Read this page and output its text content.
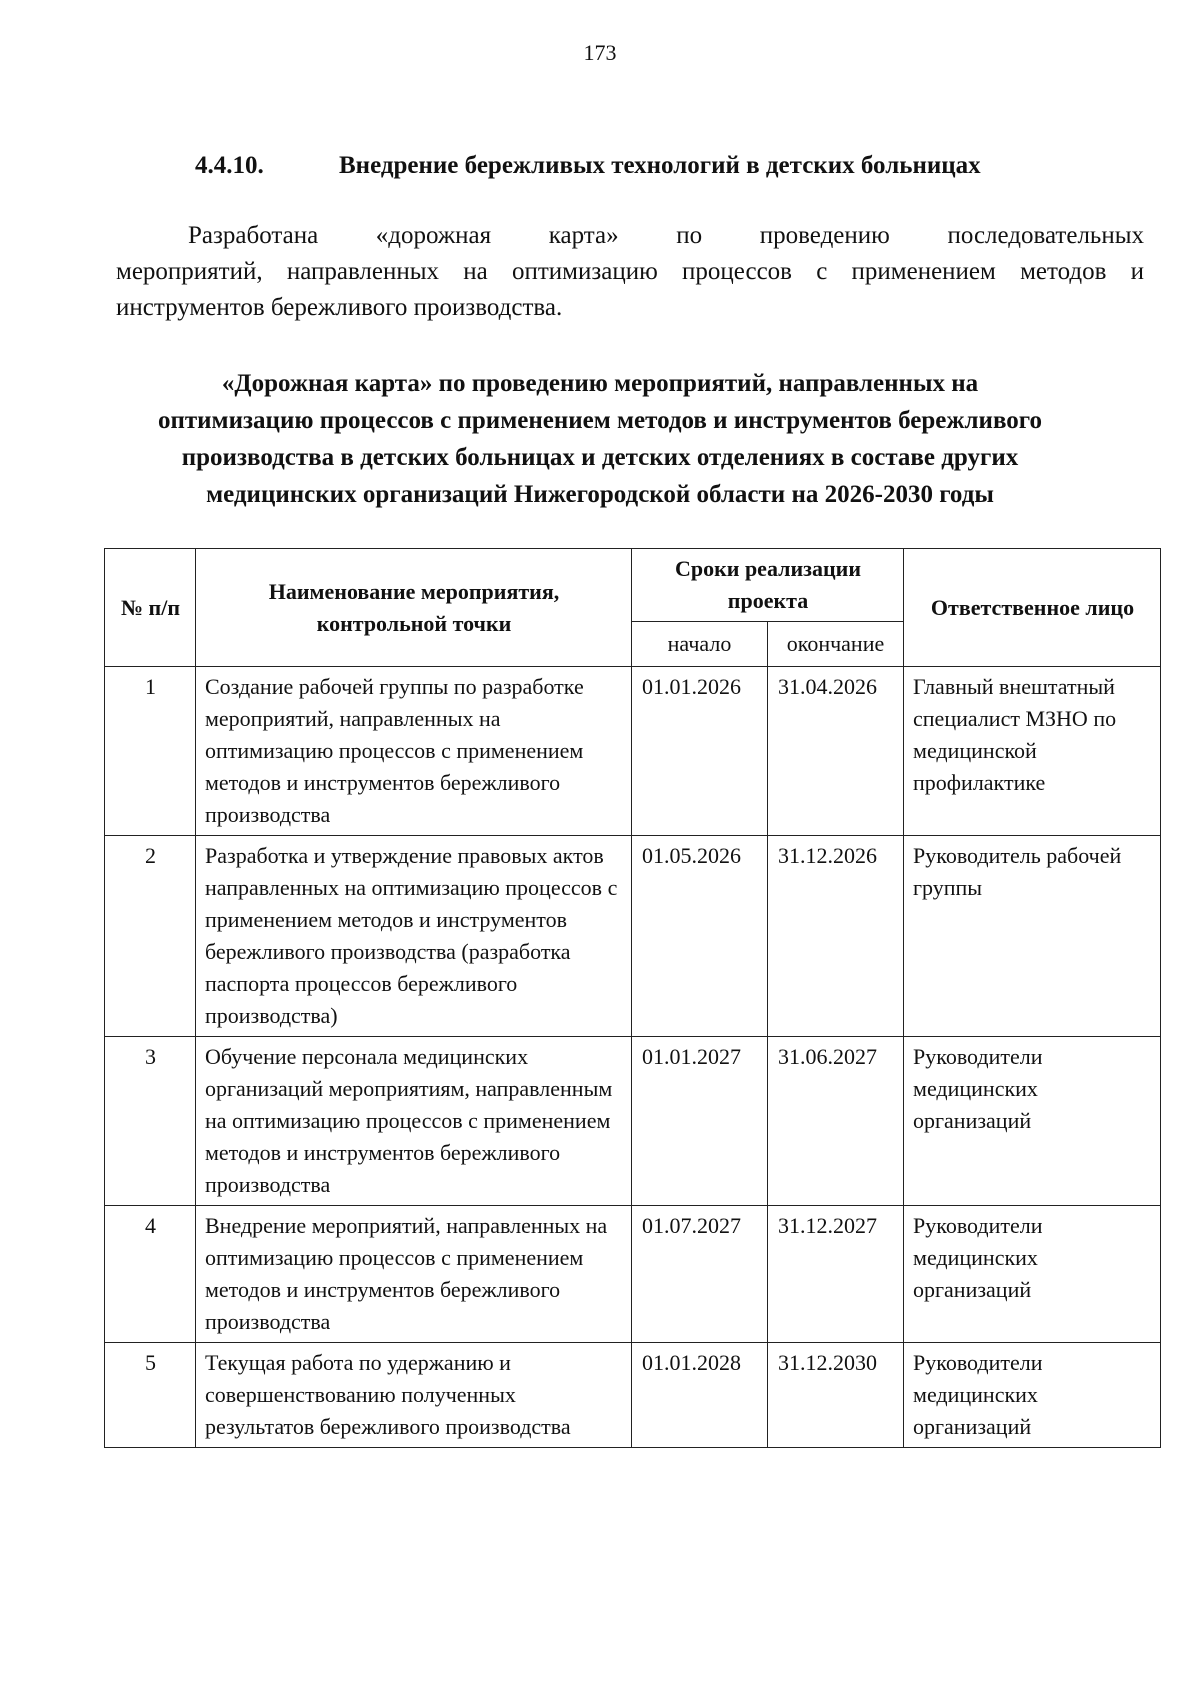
173
4.4.10.	Внедрение бережливых технологий в детских больницах

Разработана «дорожная карта» по проведению последовательных
мероприятий, направленных на оптимизацию процессов с применением методов и инструментов бережливого производства.

«Дорожная карта» по проведению мероприятий, направленных на
оптимизацию процессов с применением методов и инструментов бережливого
производства в детских больницах и детских отделениях в составе других
медицинских организаций Нижегородской области на 2026-2030 годы

№ п/п	Наименование мероприятия, контрольной точки	Сроки реализации проекта		Ответственное лицо
		начало	окончание	
1	Создание рабочей группы по разработке мероприятий, направленных на оптимизацию процессов с применением методов и инструментов бережливого производства	01.01.2026	31.04.2026	Главный внештатный специалист МЗНО по медицинской профилактике
2	Разработка и утверждение правовых актов направленных на оптимизацию процессов с применением методов и инструментов бережливого производства (разработка паспорта процессов бережливого производства)	01.05.2026	31.12.2026	Руководитель рабочей группы
3	Обучение персонала медицинских организаций мероприятиям, направленным на оптимизацию процессов с применением методов и инструментов бережливого производства	01.01.2027	31.06.2027	Руководители медицинских организаций
4	Внедрение мероприятий, направленных на оптимизацию процессов с применением методов и инструментов бережливого производства	01.07.2027	31.12.2027	Руководители медицинских организаций
5	Текущая работа по удержанию и совершенствованию полученных результатов бережливого производства	01.01.2028	31.12.2030	Руководители медицинских организаций
